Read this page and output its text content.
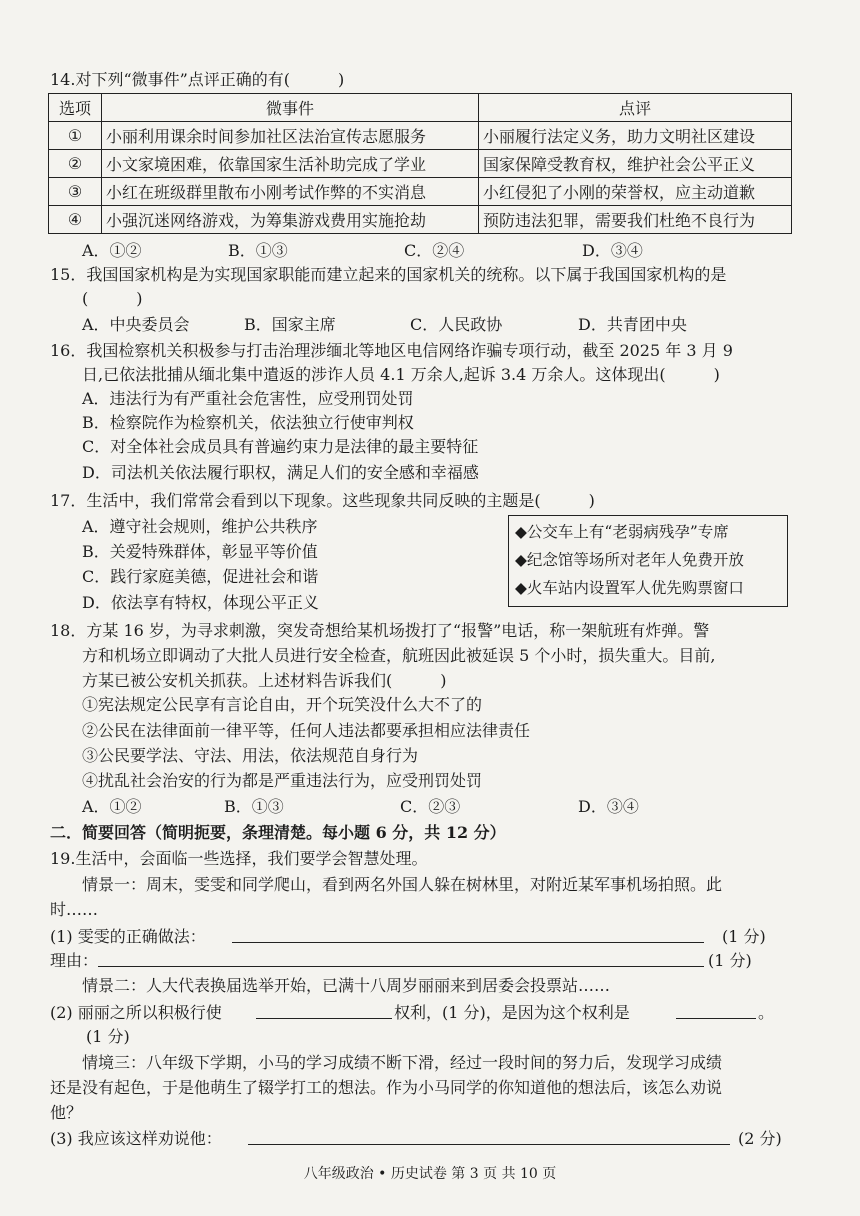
14.对下列“微事件”点评正确的有(　　　)
选项	微事件	点评
①	小丽利用课余时间参加社区法治宣传志愿服务	小丽履行法定义务，助力文明社区建设
②	小文家境困难，依靠国家生活补助完成了学业	国家保障受教育权，维护社会公平正义
③	小红在班级群里散布小刚考试作弊的不实消息	小红侵犯了小刚的荣誉权，应主动道歉
④	小强沉迷网络游戏，为筹集游戏费用实施抢劫	预防违法犯罪，需要我们杜绝不良行为
A．①②	B．①③	C．②④	D．③④
15．我国国家机构是为实现国家职能而建立起来的国家机关的统称。以下属于我国国家机构的是
(　　　)
A．中央委员会	B．国家主席	C．人民政协	D．共青团中央
16．我国检察机关积极参与打击治理涉缅北等地区电信网络诈骗专项行动，截至 2025 年 3 月 9
日,已依法批捕从缅北集中遣返的涉诈人员 4.1 万余人,起诉 3.4 万余人。这体现出(　　　)
A．违法行为有严重社会危害性，应受刑罚处罚
B．检察院作为检察机关，依法独立行使审判权
C．对全体社会成员具有普遍约束力是法律的最主要特征
D．司法机关依法履行职权，满足人们的安全感和幸福感
17．生活中，我们常常会看到以下现象。这些现象共同反映的主题是(　　　)
A．遵守社会规则，维护公共秩序
B．关爱特殊群体，彰显平等价值
C．践行家庭美德，促进社会和谐
D．依法享有特权，体现公平正义
◆公交车上有“老弱病残孕”专席
◆纪念馆等场所对老年人免费开放
◆火车站内设置军人优先购票窗口
18．方某 16 岁，为寻求刺激，突发奇想给某机场拨打了“报警”电话，称一架航班有炸弹。警
方和机场立即调动了大批人员进行安全检查，航班因此被延误 5 个小时，损失重大。目前,
方某已被公安机关抓获。上述材料告诉我们(　　　)
①宪法规定公民享有言论自由，开个玩笑没什么大不了的
②公民在法律面前一律平等，任何人违法都要承担相应法律责任
③公民要学法、守法、用法，依法规范自身行为
④扰乱社会治安的行为都是严重违法行为，应受刑罚处罚
A．①②	B．①③	C．②③	D．③④
二．简要回答（简明扼要，条理清楚。每小题 6 分，共 12 分）
19.生活中，会面临一些选择，我们要学会智慧处理。
情景一：周末，雯雯和同学爬山，看到两名外国人躲在树林里，对附近某军事机场拍照。此
时……
(1) 雯雯的正确做法：	(1 分)
理由：	(1 分)
情景二：人大代表换届选举开始，已满十八周岁丽丽来到居委会投票站……
(2) 丽丽之所以积极行使	权利，(1 分)，是因为这个权利是	。
(1 分)
情境三：八年级下学期，小马的学习成绩不断下滑，经过一段时间的努力后，发现学习成绩
还是没有起色，于是他萌生了辍学打工的想法。作为小马同学的你知道他的想法后，该怎么劝说
他？
(3) 我应该这样劝说他：	(2 分)
八年级政治 • 历史试卷 第 3 页 共 10 页
